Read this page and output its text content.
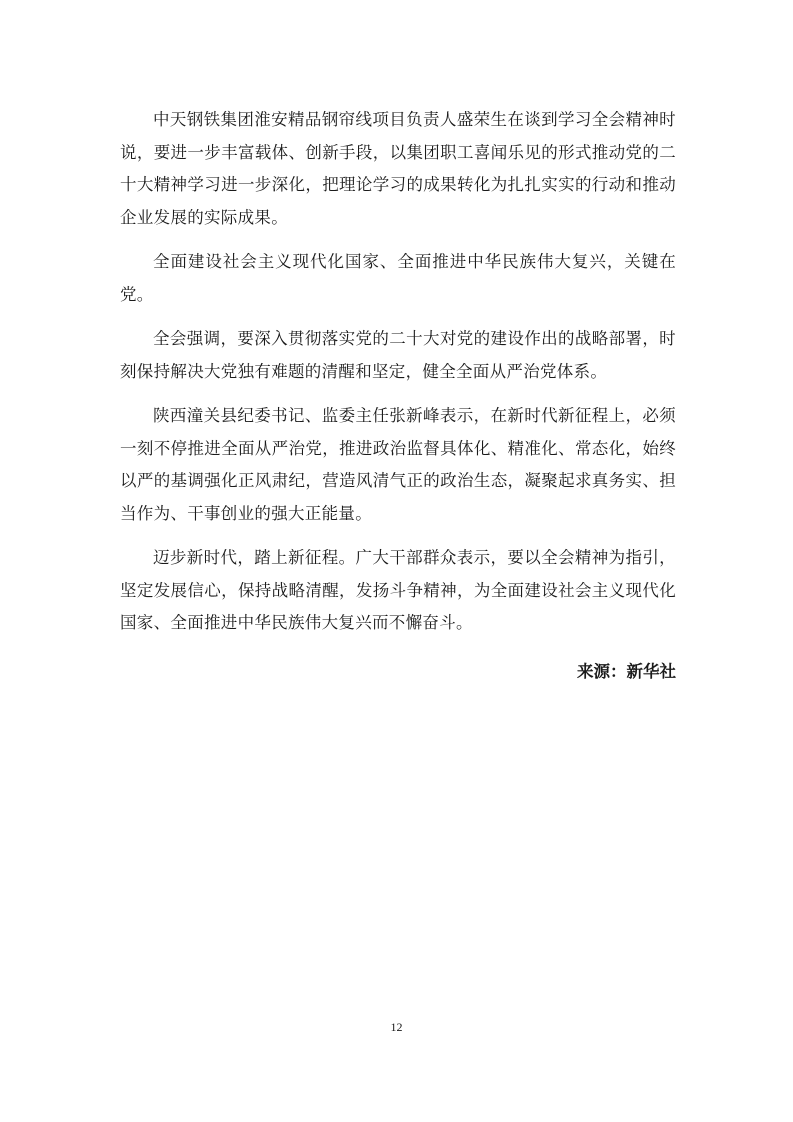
中天钢铁集团淮安精品钢帘线项目负责人盛荣生在谈到学习全会精神时说，要进一步丰富载体、创新手段，以集团职工喜闻乐见的形式推动党的二十大精神学习进一步深化，把理论学习的成果转化为扎扎实实的行动和推动企业发展的实际成果。

全面建设社会主义现代化国家、全面推进中华民族伟大复兴，关键在党。

全会强调，要深入贯彻落实党的二十大对党的建设作出的战略部署，时刻保持解决大党独有难题的清醒和坚定，健全全面从严治党体系。

陕西潼关县纪委书记、监委主任张新峰表示，在新时代新征程上，必须一刻不停推进全面从严治党，推进政治监督具体化、精准化、常态化，始终以严的基调强化正风肃纪，营造风清气正的政治生态，凝聚起求真务实、担当作为、干事创业的强大正能量。

迈步新时代，踏上新征程。广大干部群众表示，要以全会精神为指引，坚定发展信心，保持战略清醒，发扬斗争精神，为全面建设社会主义现代化国家、全面推进中华民族伟大复兴而不懈奋斗。

来源：新华社

12
